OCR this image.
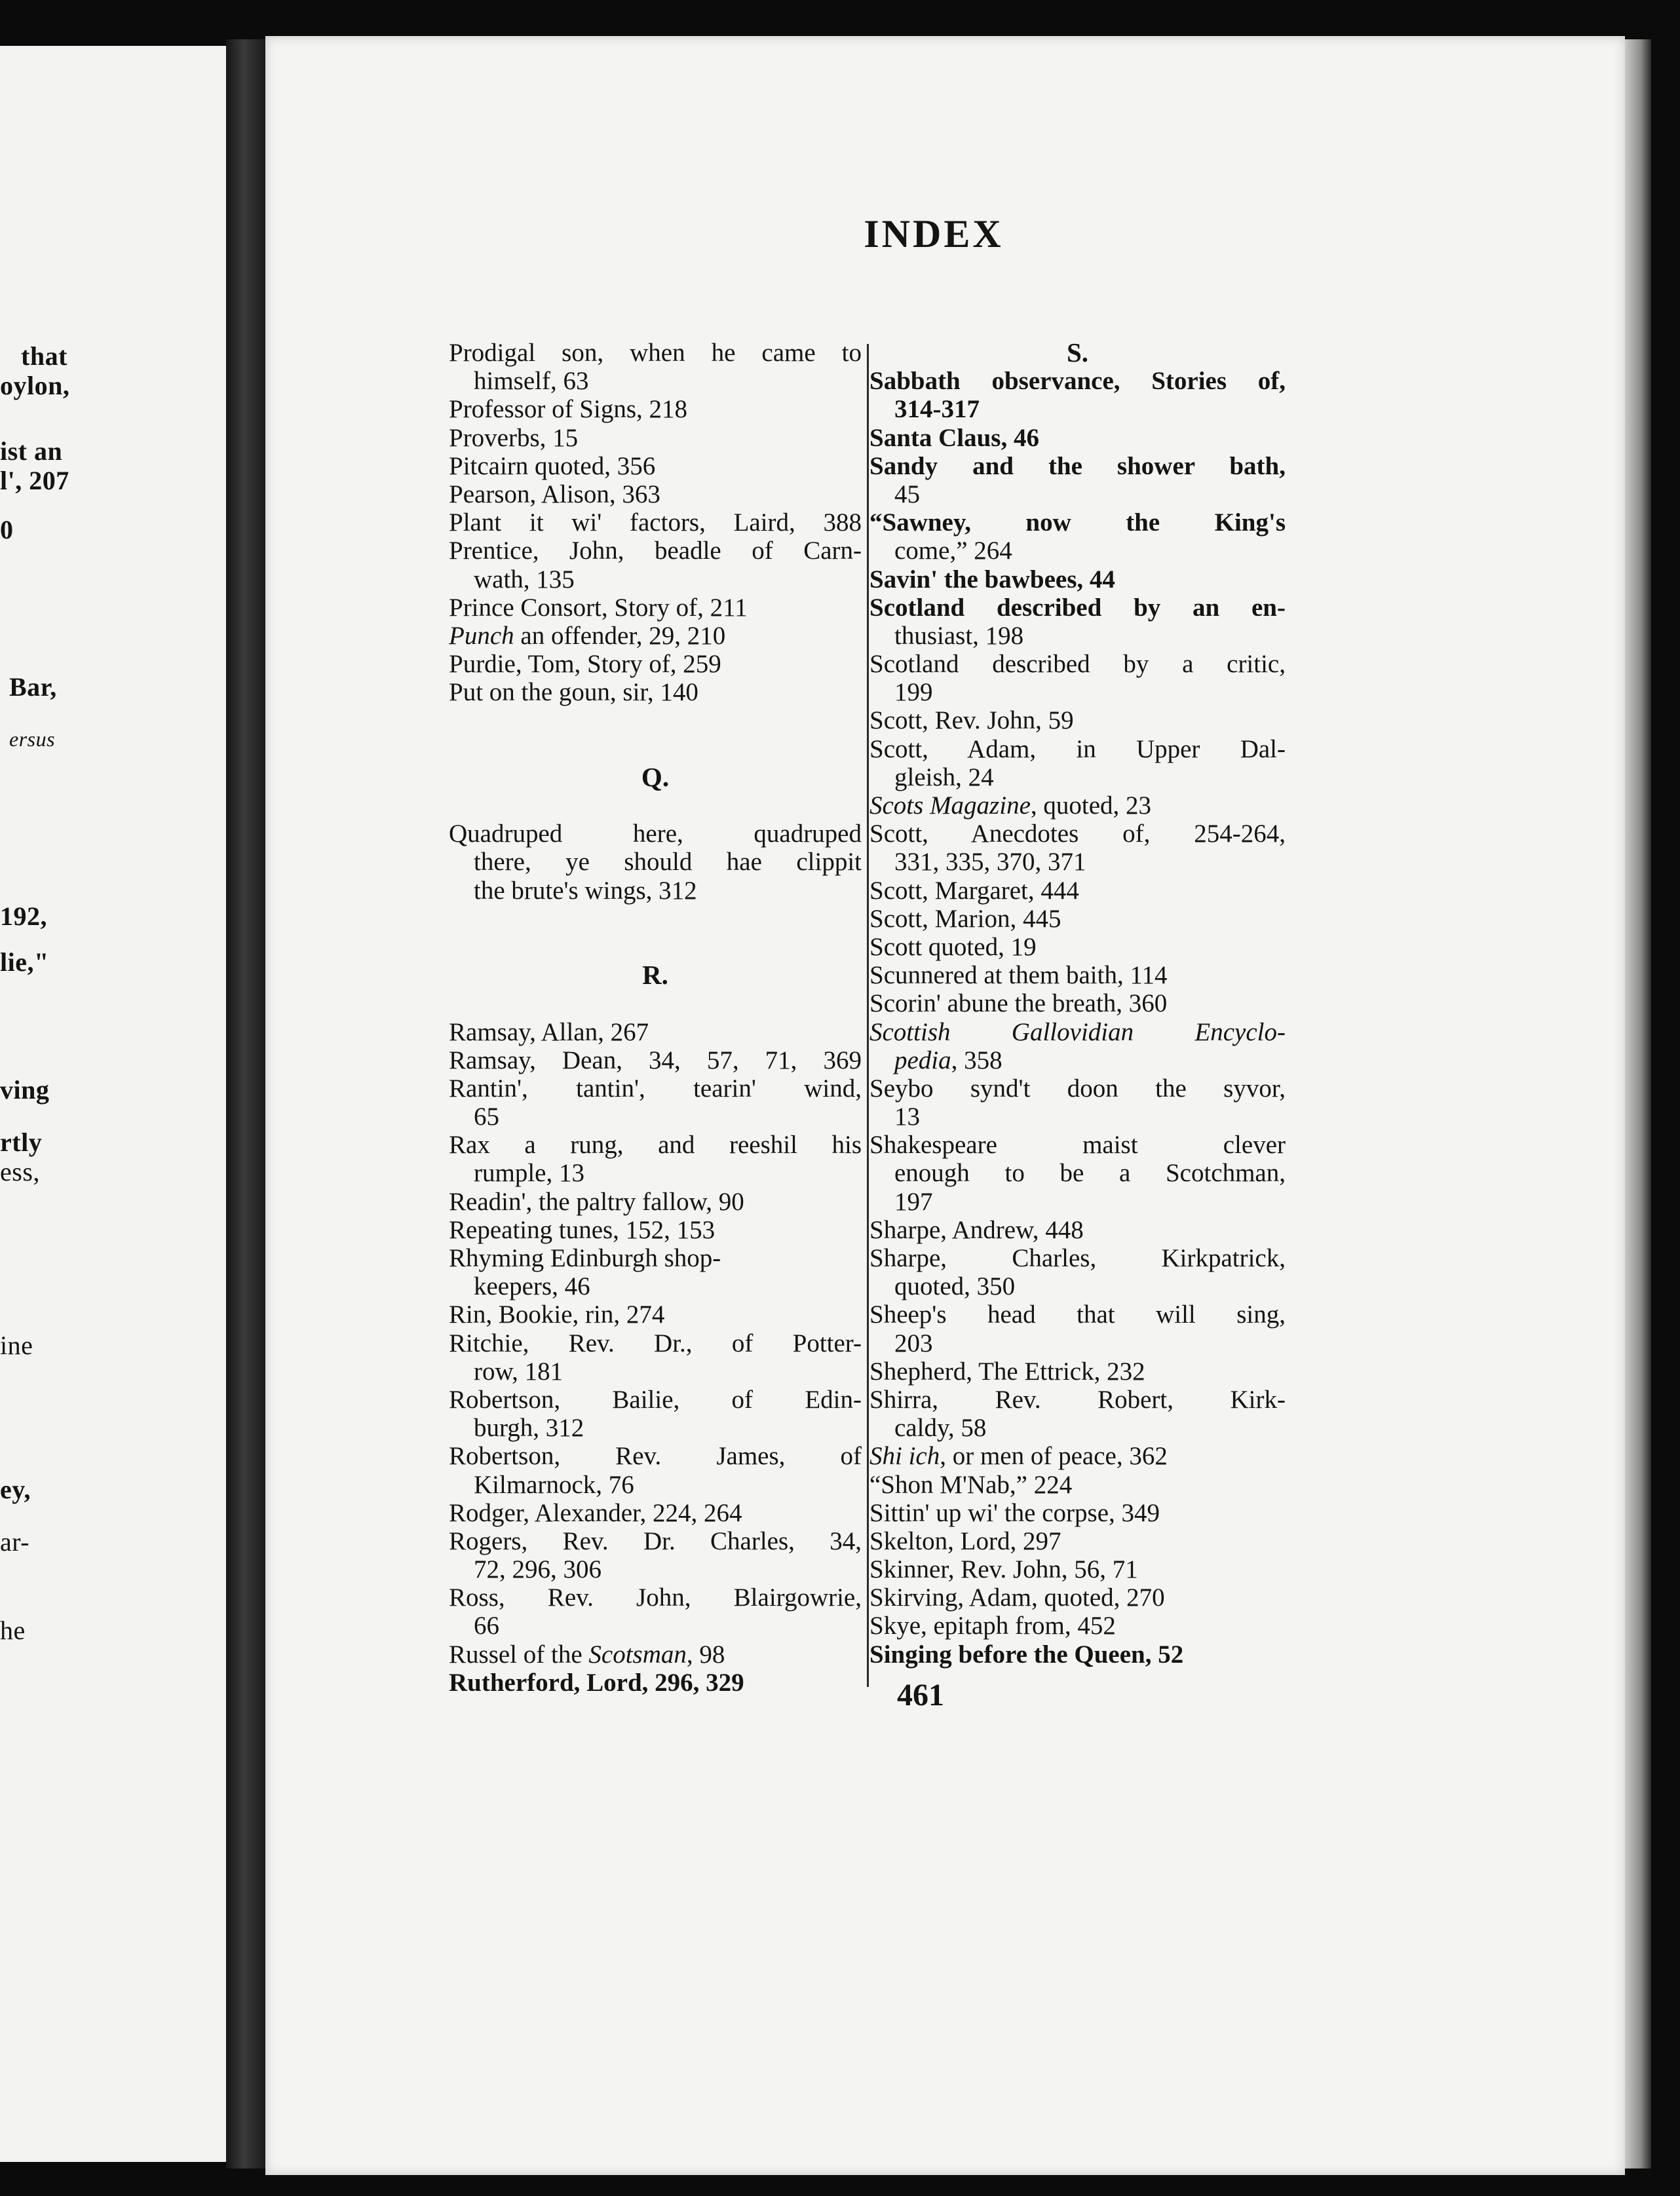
that
oylon,
ist an
l', 207
0
Bar,
ersus
192,
lie,"
ving
rtly
ess,
ine
ey,
ar-
he
INDEX
Prodigal son, when he came to
himself, 63
Professor of Signs, 218
Proverbs, 15
Pitcairn quoted, 356
Pearson, Alison, 363
Plant it wi' factors, Laird, 388
Prentice, John, beadle of Carn-
wath, 135
Prince Consort, Story of, 211
Punch an offender, 29, 210
Purdie, Tom, Story of, 259
Put on the goun, sir, 140
Q.
Quadruped here, quadruped
there, ye should hae clippit
the brute's wings, 312
R.
Ramsay, Allan, 267
Ramsay, Dean, 34, 57, 71, 369
Rantin', tantin', tearin' wind,
65
Rax a rung, and reeshil his
rumple, 13
Readin', the paltry fallow, 90
Repeating tunes, 152, 153
Rhyming Edinburgh shop-
keepers, 46
Rin, Bookie, rin, 274
Ritchie, Rev. Dr., of Potter-
row, 181
Robertson, Bailie, of Edin-
burgh, 312
Robertson, Rev. James, of
Kilmarnock, 76
Rodger, Alexander, 224, 264
Rogers, Rev. Dr. Charles, 34,
72, 296, 306
Ross, Rev. John, Blairgowrie,
66
Russel of the Scotsman, 98
Rutherford, Lord, 296, 329
S.
Sabbath observance, Stories of,
314-317
Santa Claus, 46
Sandy and the shower bath,
45
“Sawney, now the King's
come,” 264
Savin' the bawbees, 44
Scotland described by an en-
thusiast, 198
Scotland described by a critic,
199
Scott, Rev. John, 59
Scott, Adam, in Upper Dal-
gleish, 24
Scots Magazine, quoted, 23
Scott, Anecdotes of, 254-264,
331, 335, 370, 371
Scott, Margaret, 444
Scott, Marion, 445
Scott quoted, 19
Scunnered at them baith, 114
Scorin' abune the breath, 360
Scottish Gallovidian Encyclo-
pedia, 358
Seybo synd't doon the syvor,
13
Shakespeare maist clever
enough to be a Scotchman,
197
Sharpe, Andrew, 448
Sharpe, Charles, Kirkpatrick,
quoted, 350
Sheep's head that will sing,
203
Shepherd, The Ettrick, 232
Shirra, Rev. Robert, Kirk-
caldy, 58
Shi ich, or men of peace, 362
“Shon M'Nab,” 224
Sittin' up wi' the corpse, 349
Skelton, Lord, 297
Skinner, Rev. John, 56, 71
Skirving, Adam, quoted, 270
Skye, epitaph from, 452
Singing before the Queen, 52
461
